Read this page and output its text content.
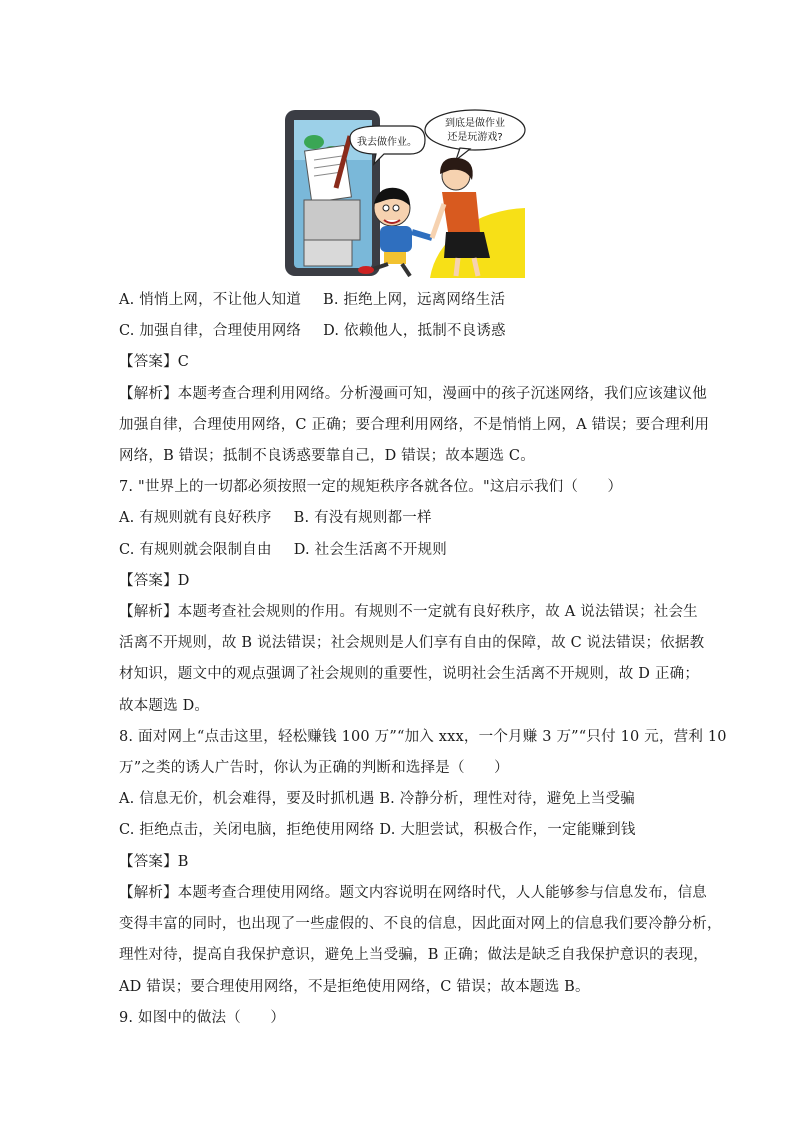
我去做作业。
到底是做作业
还是玩游戏?
A. 悄悄上网，不让他人知道 B. 拒绝上网，远离网络生活
C. 加强自律，合理使用网络 D. 依赖他人，抵制不良诱惑
【答案】C
【解析】本题考查合理利用网络。分析漫画可知，漫画中的孩子沉迷网络，我们应该建议他
加强自律，合理使用网络，C 正确；要合理利用网络，不是悄悄上网，A 错误；要合理利用
网络，B 错误；抵制不良诱惑要靠自己，D 错误；故本题选 C。
7. "世界上的一切都必须按照一定的规矩秩序各就各位。"这启示我们（　　）
A. 有规则就有良好秩序 B. 有没有规则都一样
C. 有规则就会限制自由 D. 社会生活离不开规则
【答案】D
【解析】本题考查社会规则的作用。有规则不一定就有良好秩序，故 A 说法错误；社会生
活离不开规则，故 B 说法错误；社会规则是人们享有自由的保障，故 C 说法错误；依据教
材知识，题文中的观点强调了社会规则的重要性，说明社会生活离不开规则，故 D 正确；
故本题选 D。
8. 面对网上“点击这里，轻松赚钱 100 万”“加入 xxx，一个月赚 3 万”“只付 10 元，营利 10
万”之类的诱人广告时，你认为正确的判断和选择是（　　）
A. 信息无价，机会难得，要及时抓机遇 B. 冷静分析，理性对待，避免上当受骗
C. 拒绝点击，关闭电脑，拒绝使用网络 D. 大胆尝试，积极合作，一定能赚到钱
【答案】B
【解析】本题考查合理使用网络。题文内容说明在网络时代，人人能够参与信息发布，信息
变得丰富的同时，也出现了一些虚假的、不良的信息，因此面对网上的信息我们要冷静分析，
理性对待，提高自我保护意识，避免上当受骗，B 正确；做法是缺乏自我保护意识的表现，
AD 错误；要合理使用网络，不是拒绝使用网络，C 错误；故本题选 B。
9. 如图中的做法（　　）
